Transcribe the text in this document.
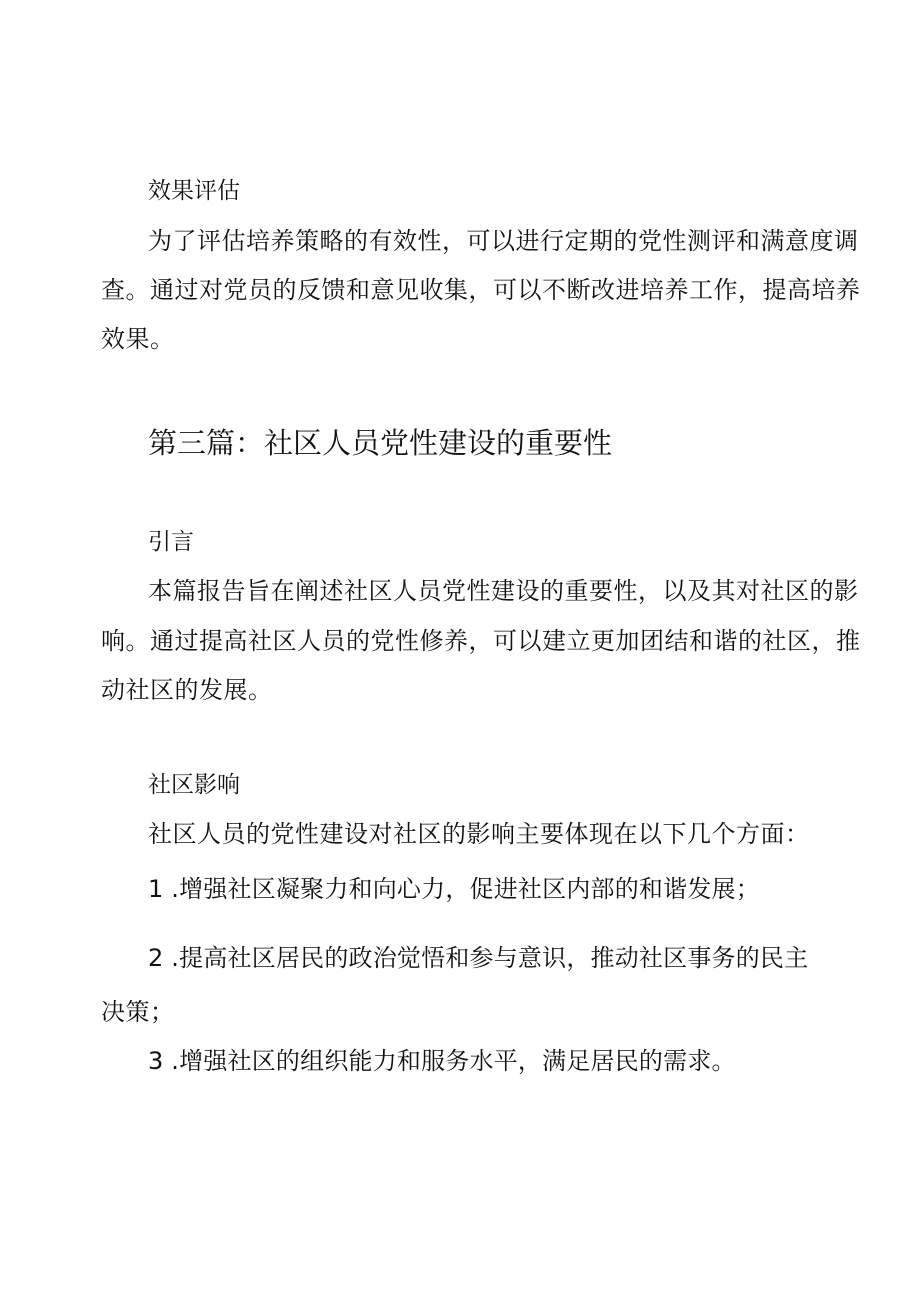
效果评估
为了评估培养策略的有效性，可以进行定期的党性测评和满意度调
查。通过对党员的反馈和意见收集，可以不断改进培养工作，提高培养
效果。
第三篇：社区人员党性建设的重要性
引言
本篇报告旨在阐述社区人员党性建设的重要性，以及其对社区的影
响。通过提高社区人员的党性修养，可以建立更加团结和谐的社区，推
动社区的发展。
社区影响
社区人员的党性建设对社区的影响主要体现在以下几个方面：
1 .增强社区凝聚力和向心力，促进社区内部的和谐发展；
2 .提高社区居民的政治觉悟和参与意识，推动社区事务的民主
决策；
3 .增强社区的组织能力和服务水平，满足居民的需求。
